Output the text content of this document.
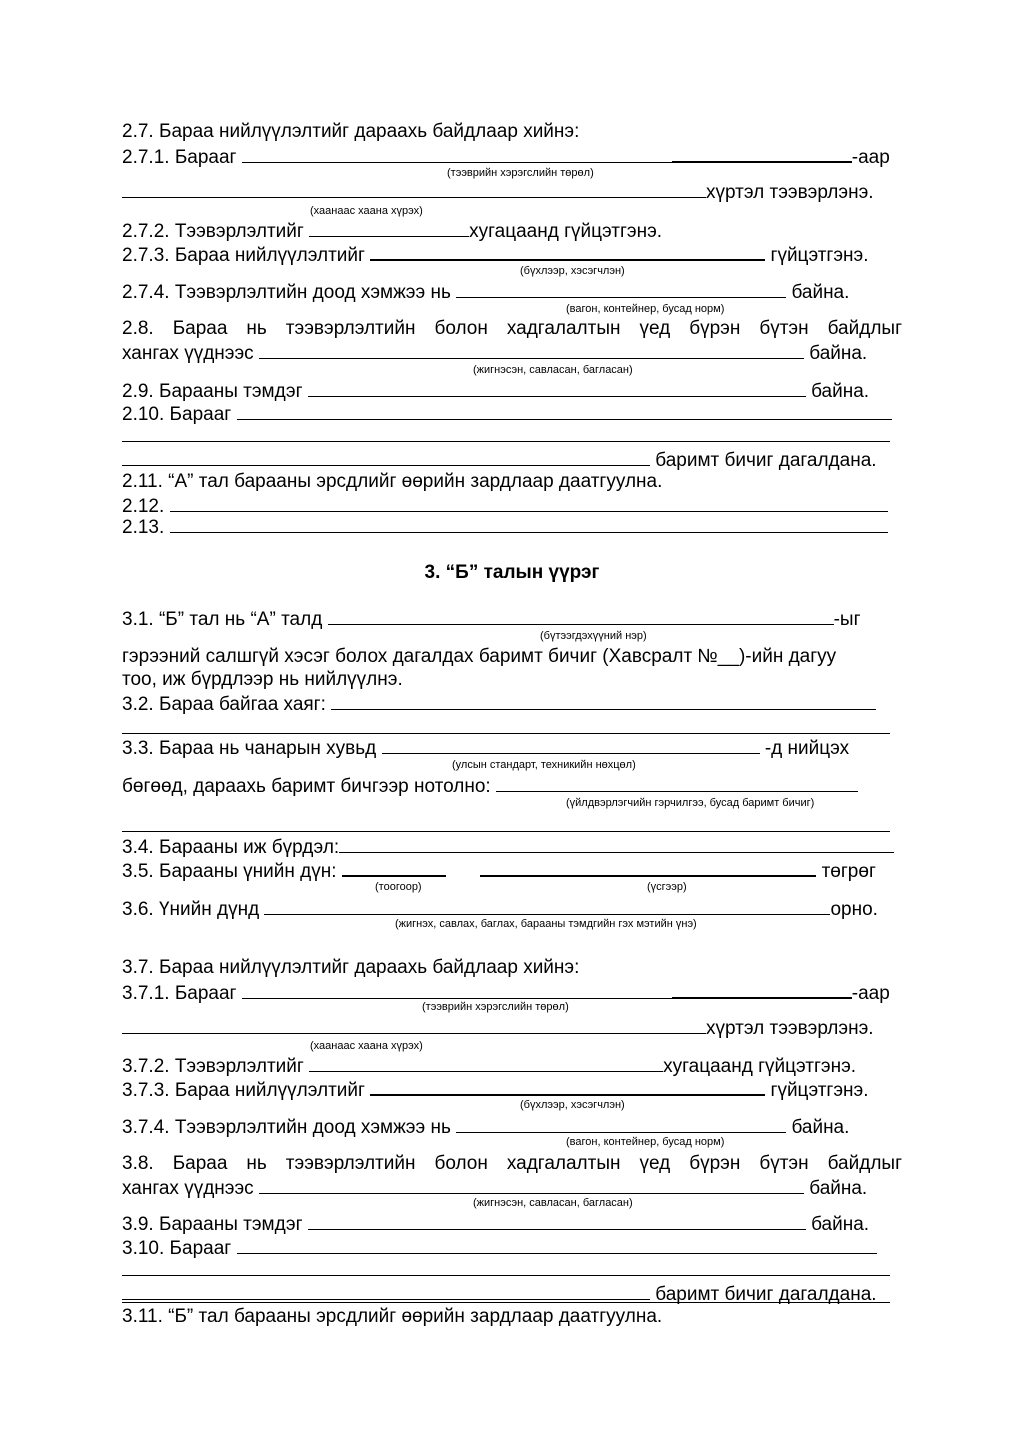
2.7. Бараа нийлүүлэлтийг дараахь байдлаар хийнэ:
2.7.1. Барааг	-аар
(тээврийн хэрэгслийн төрөл)
хүртэл тээвэрлэнэ.
(хаанаас хаана хүрэх)
2.7.2. Тээвэрлэлтийг	хугацаанд гүйцэтгэнэ.
2.7.3. Бараа нийлүүлэлтийг	гүйцэтгэнэ.
(бүхлээр, хэсэгчлэн)
2.7.4. Тээвэрлэлтийн доод хэмжээ нь	байна.
(вагон, контейнер, бусад норм)
2.8. Бараа нь тээвэрлэлтийн болон хадгалалтын үед бүрэн бүтэн байдлыг
хангах үүднээс	байна.
(жигнэсэн, савласан, багласан)
2.9. Барааны тэмдэг	байна.
2.10. Барааг
баримт бичиг дагалдана.
2.11. “А” тал барааны эрсдлийг өөрийн зардлаар даатгуулна.
2.12.
2.13.
3. “Б” талын үүрэг
3.1. “Б” тал нь “А” талд	-ыг
(бүтээгдэхүүний нэр)
гэрээний салшгүй хэсэг болох дагалдах баримт бичиг (Хавсралт №__)-ийн дагуу
тоо, иж бүрдлээр нь нийлүүлнэ.
3.2. Бараа байгаа хаяг:
3.3. Бараа нь чанарын хувьд	-д нийцэх
(улсын стандарт, техникийн нөхцөл)
бөгөөд, дараахь баримт бичгээр нотолно:
(үйлдвэрлэгчийн гэрчилгээ, бусад баримт бичиг)
3.4. Барааны иж бүрдэл:
3.5. Барааны үнийн дүн:	төгрөг
(тоогоор)	(үсгээр)
3.6. Үнийн дүнд	орно.
(жигнэх, савлах, баглах, барааны тэмдгийн гэх мэтийн үнэ)
3.7. Бараа нийлүүлэлтийг дараахь байдлаар хийнэ:
3.7.1. Барааг	-аар
(тээврийн хэрэгслийн төрөл)
хүртэл тээвэрлэнэ.
(хаанаас хаана хүрэх)
3.7.2. Тээвэрлэлтийг	хугацаанд гүйцэтгэнэ.
3.7.3. Бараа нийлүүлэлтийг	гүйцэтгэнэ.
(бүхлээр, хэсэгчлэн)
3.7.4. Тээвэрлэлтийн доод хэмжээ нь	байна.
(вагон, контейнер, бусад норм)
3.8. Бараа нь тээвэрлэлтийн болон хадгалалтын үед бүрэн бүтэн байдлыг
хангах үүднээс	байна.
(жигнэсэн, савласан, багласан)
3.9. Барааны тэмдэг	байна.
3.10. Барааг
баримт бичиг дагалдана.
3.11. “Б” тал барааны эрсдлийг өөрийн зардлаар даатгуулна.
